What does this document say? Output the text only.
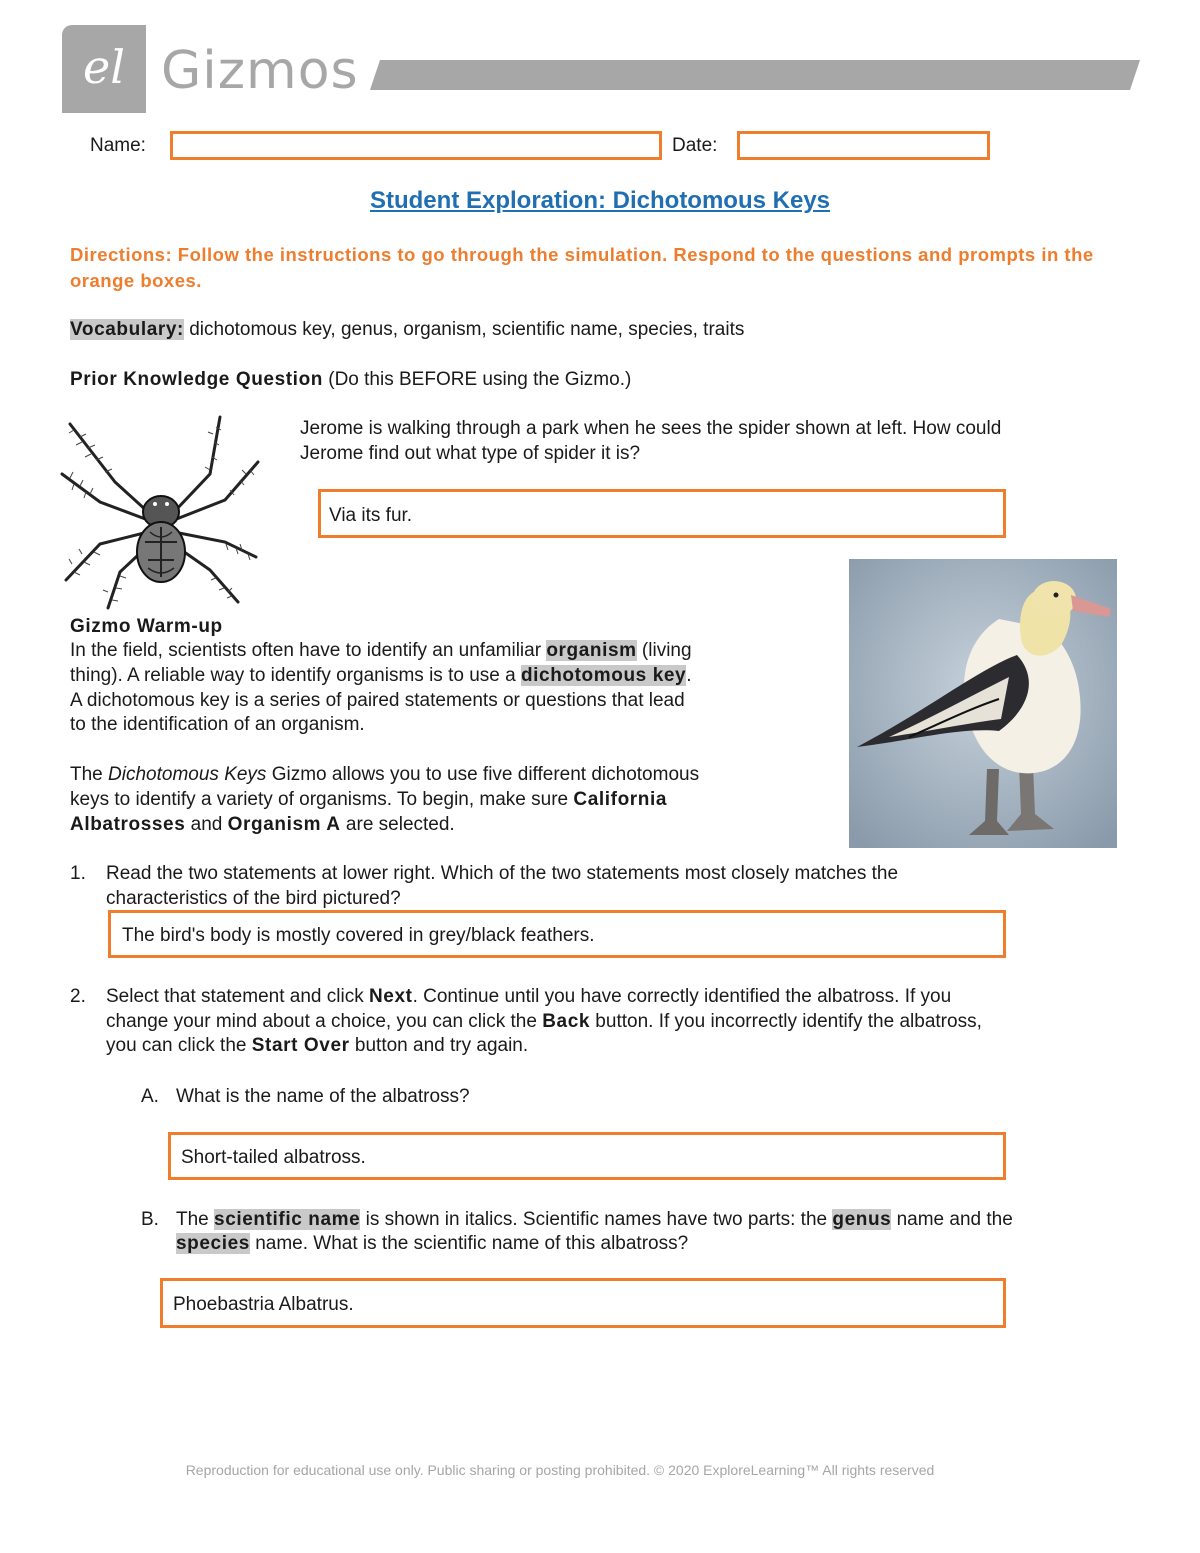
el Gizmos
Name:	Date:
Student Exploration: Dichotomous Keys
Directions: Follow the instructions to go through the simulation. Respond to the questions and prompts in the orange boxes.
Vocabulary: dichotomous key, genus, organism, scientific name, species, traits
Prior Knowledge Question (Do this BEFORE using the Gizmo.)
Jerome is walking through a park when he sees the spider shown at left. How could
Jerome find out what type of spider it is?
Via its fur.
Gizmo Warm-up
In the field, scientists often have to identify an unfamiliar organism (living
thing). A reliable way to identify organisms is to use a dichotomous key.
A dichotomous key is a series of paired statements or questions that lead
to the identification of an organism.
The Dichotomous Keys Gizmo allows you to use five different dichotomous
keys to identify a variety of organisms. To begin, make sure California
Albatrosses and Organism A are selected.
1. Read the two statements at lower right. Which of the two statements most closely matches the
characteristics of the bird pictured?
The bird's body is mostly covered in grey/black feathers.
2. Select that statement and click Next. Continue until you have correctly identified the albatross. If you
change your mind about a choice, you can click the Back button. If you incorrectly identify the albatross,
you can click the Start Over button and try again.
A. What is the name of the albatross?
Short-tailed albatross.
B. The scientific name is shown in italics. Scientific names have two parts: the genus name and the
species name. What is the scientific name of this albatross?
Phoebastria Albatrus.
Reproduction for educational use only. Public sharing or posting prohibited. © 2020 ExploreLearning™ All rights reserved
